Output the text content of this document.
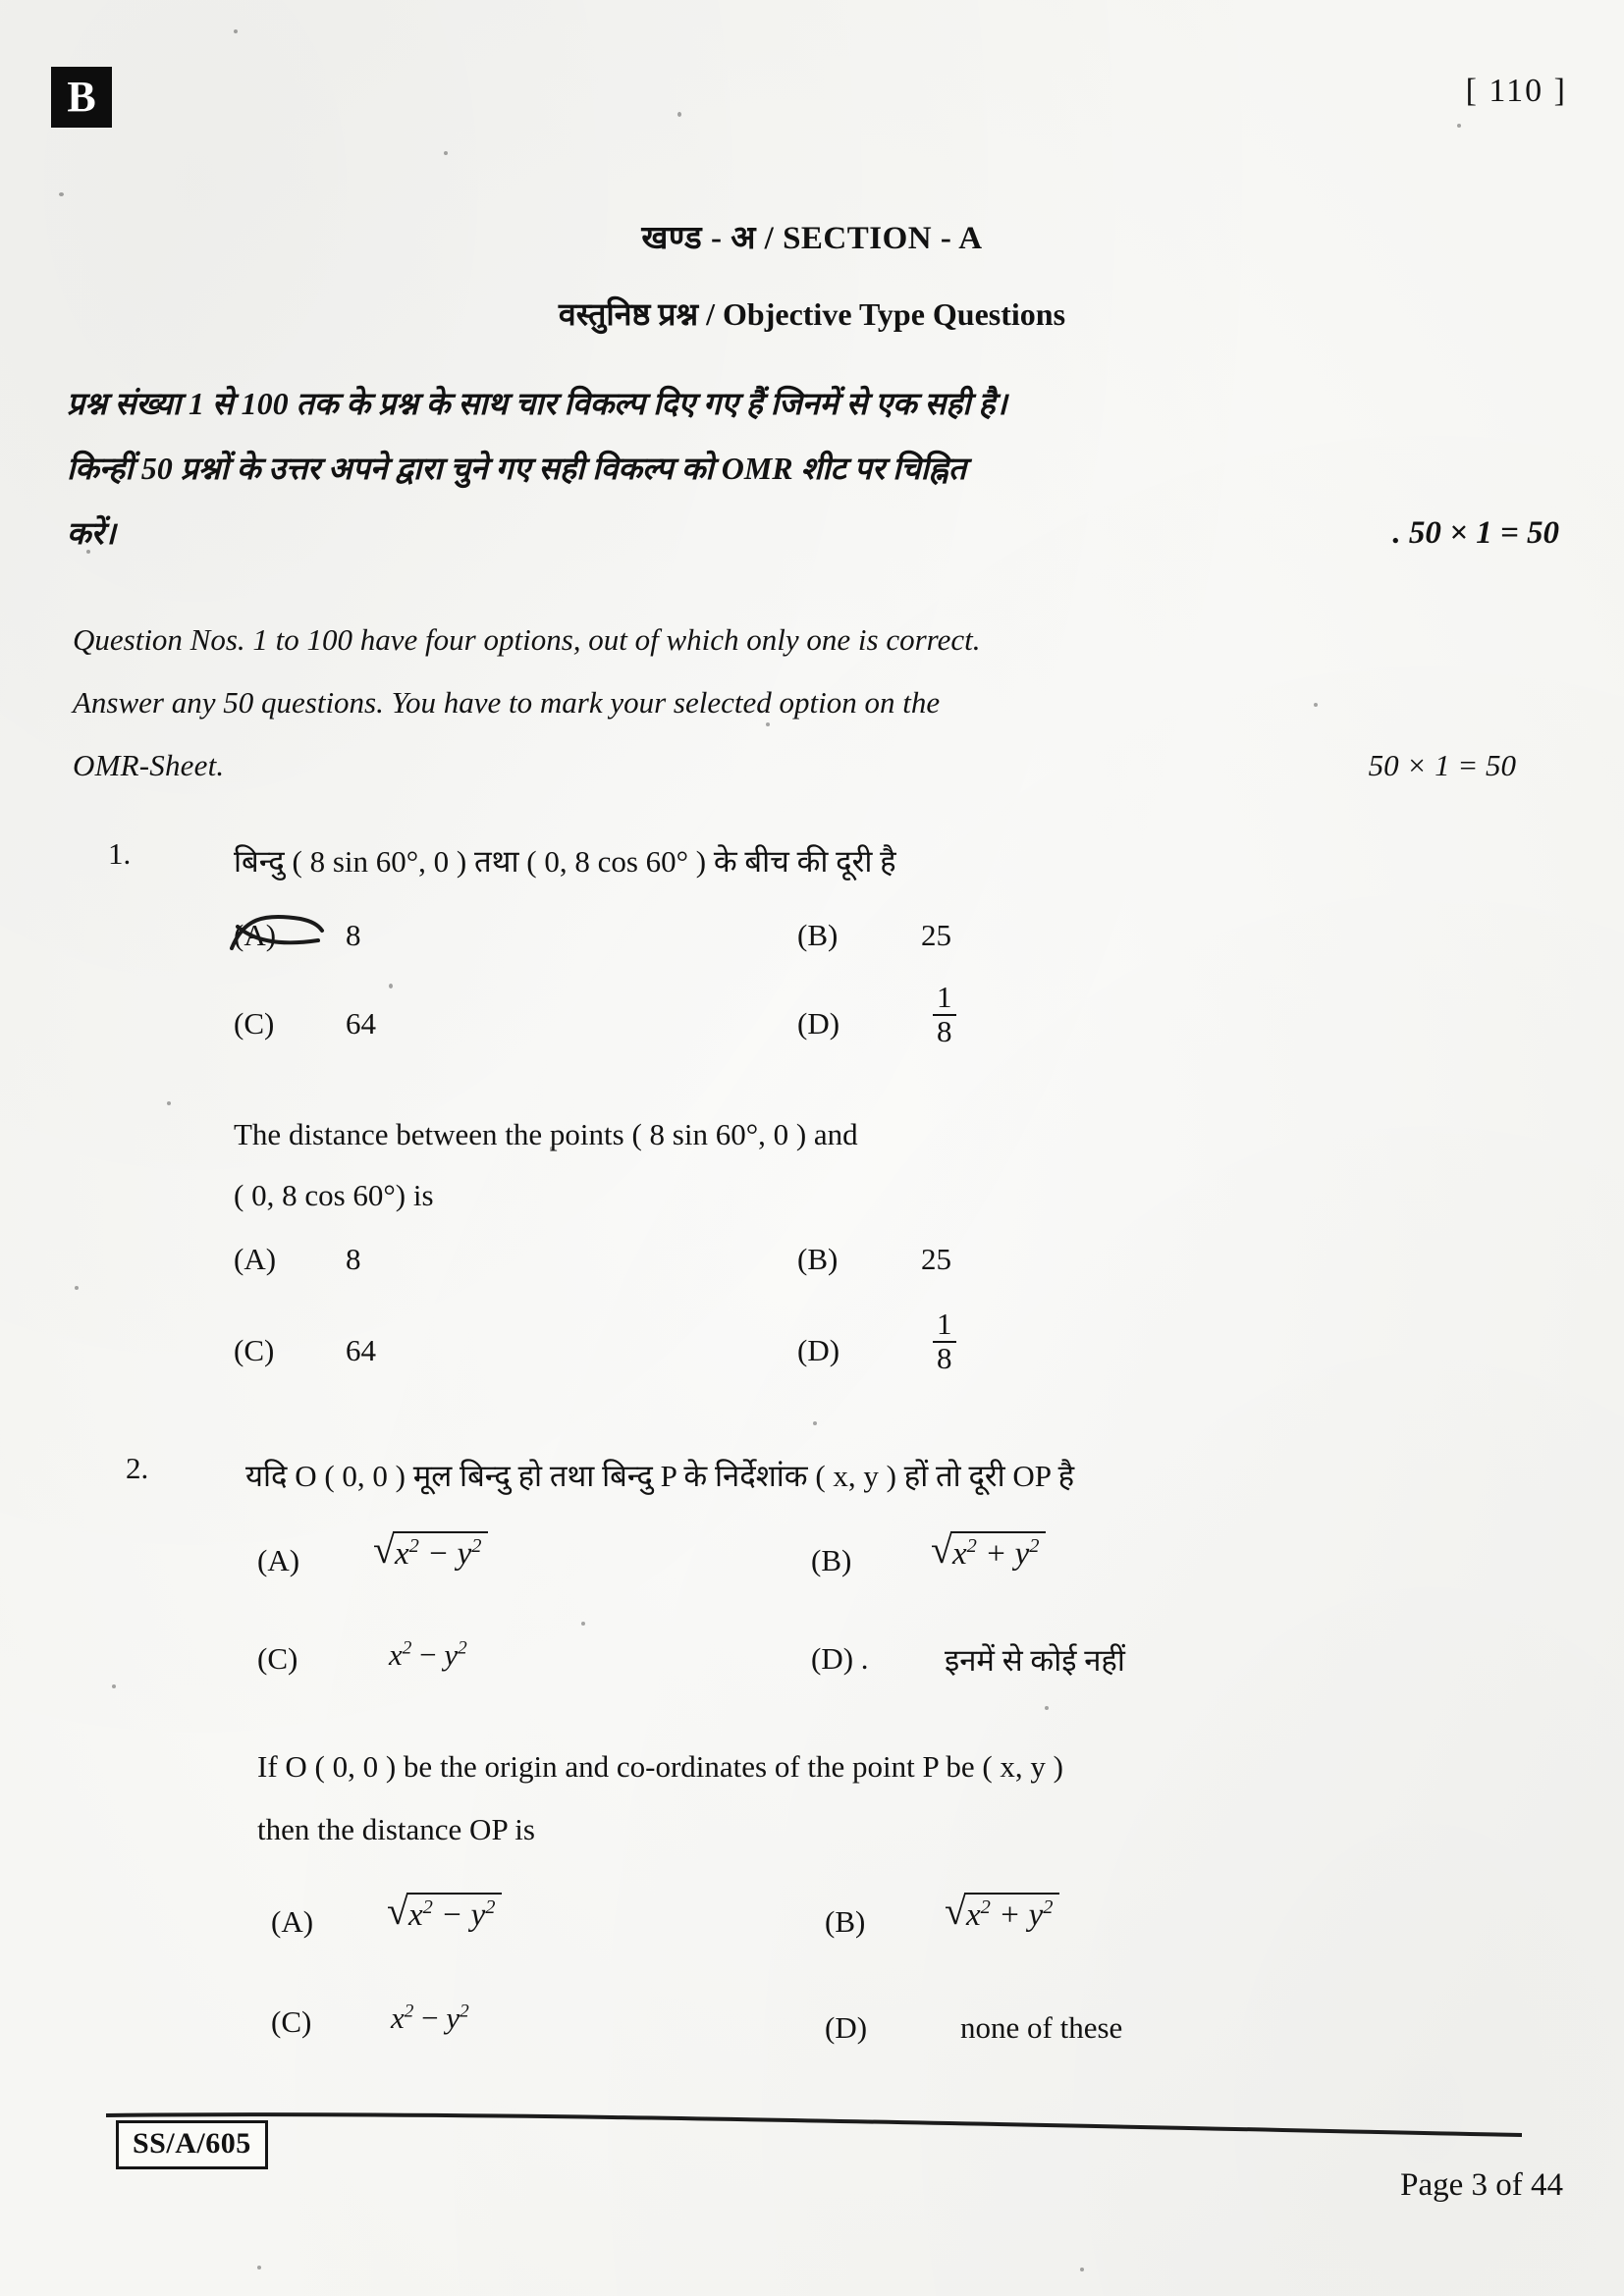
B	[ 110 ]
खण्ड - अ / SECTION - A
वस्तुनिष्ठ प्रश्न / Objective Type Questions
प्रश्न संख्या 1 से 100 तक के प्रश्न के साथ चार विकल्प दिए गए हैं जिनमें से एक सही है।
किन्हीं 50 प्रश्नों के उत्तर अपने द्वारा चुने गए सही विकल्प को OMR शीट पर चिह्नित
करें।	. 50 × 1 = 50
Question Nos. 1 to 100 have four options, out of which only one is correct.
Answer any 50 questions. You have to mark your selected option on the
OMR-Sheet.	50 × 1 = 50
1.	बिन्दु ( 8 sin 60°, 0 ) तथा ( 0, 8 cos 60° ) के बीच की दूरी है
(A) 8	(B)	25
(C) 64	(D)	$\frac{1}{8}$
The distance between the points ( 8 sin 60°, 0 ) and
( 0, 8 cos 60°) is
(A) 8	(B)	25
(C) 64	(D)	$\frac{1}{8}$
2.	यदि O ( 0, 0 ) मूल बिन्दु हो तथा बिन्दु P के निर्देशांक ( x, y ) हों तो दूरी OP है
(A) √ $x^2 - y^2$	(B) √ $x^2 + y^2$
(C)	$x^2 - y^2$	(D) . इनमें से कोई नहीं
If O ( 0, 0 ) be the origin and co-ordinates of the point P be ( x, y )
then the distance OP is
(A) √ $x^2 - y^2$	(B) √ $x^2 + y^2$
(C)	$x^2 - y^2$	(D)	none of these
SS/A/605
Page 3 of 44
